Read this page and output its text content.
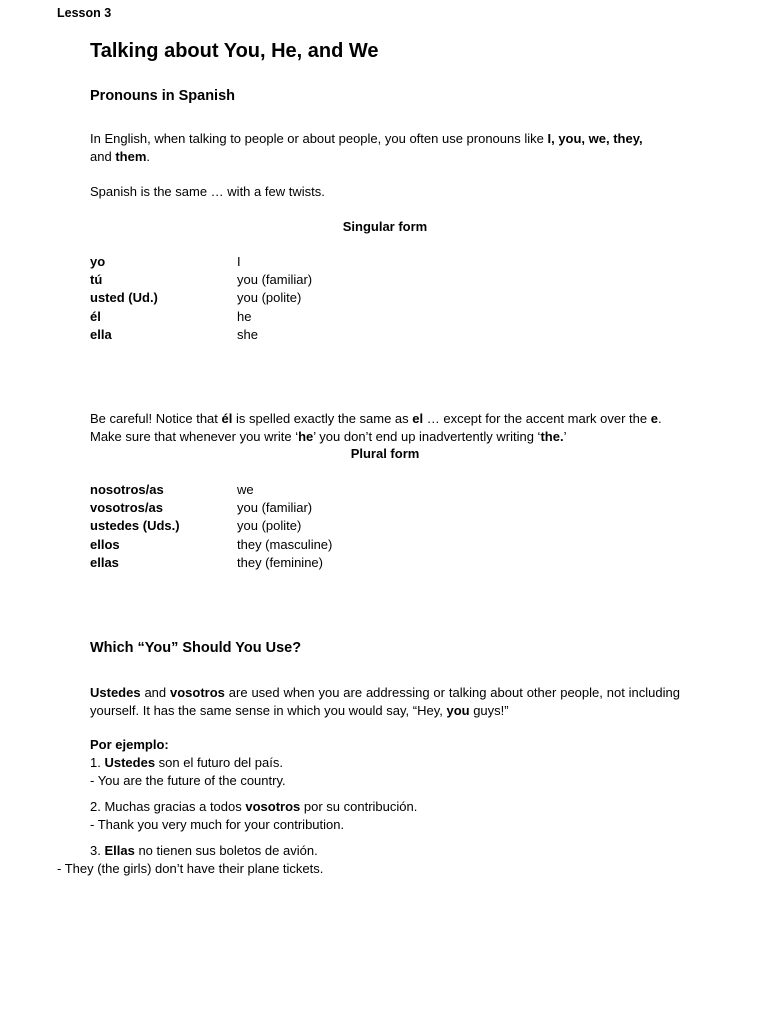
Lesson 3
Talking about You, He, and We
Pronouns in Spanish
In English, when talking to people or about people, you often use pronouns like I, you, we, they,
and them.
Spanish is the same … with a few twists.
Singular form
yo	I
tú	you (familiar)
usted (Ud.)	you (polite)
él	he
ella	she
Be careful! Notice that él is spelled exactly the same as el … except for the accent mark over the e.
Make sure that whenever you write ‘he’ you don’t end up inadvertently writing ‘the.’
Plural form
nosotros/as	we
vosotros/as	you (familiar)
ustedes (Uds.)	you (polite)
ellos	they (masculine)
ellas	they (feminine)
Which “You” Should You Use?
Ustedes and vosotros are used when you are addressing or talking about other people, not including yourself. It has the same sense in which you would say, “Hey, you guys!”
Por ejemplo:
1. Ustedes son el futuro del país.
- You are the future of the country.
2. Muchas gracias a todos vosotros por su contribución.
- Thank you very much for your contribution.
3. Ellas no tienen sus boletos de avión.
- They (the girls) don’t have their plane tickets.
